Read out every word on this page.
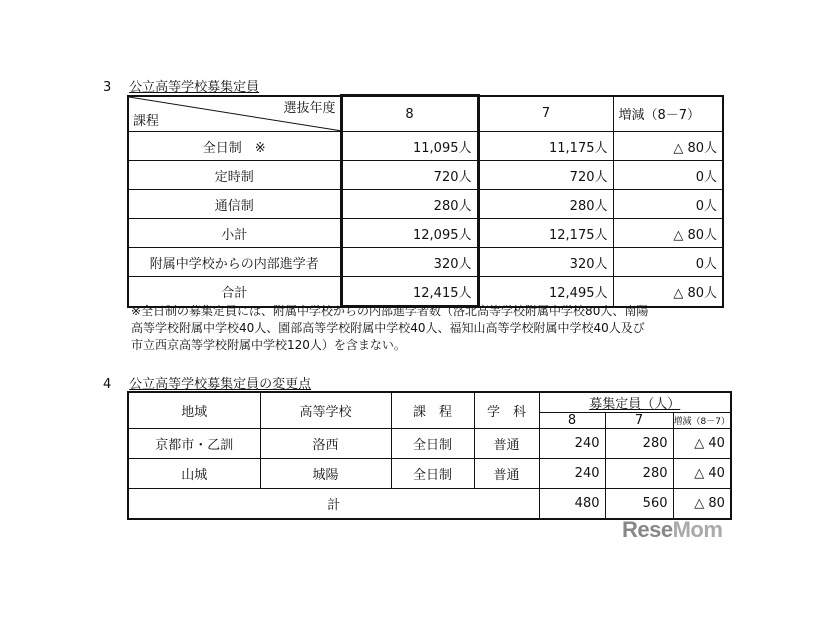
3 公立高等学校募集定員
選抜年度
課程	8	7	増減（8－7）
全日制　※	11,095人	11,175人	△ 80人
定時制	720人	720人	0人
通信制	280人	280人	0人
小計	12,095人	12,175人	△ 80人
附属中学校からの内部進学者	320人	320人	0人
合計	12,415人	12,495人	△ 80人
※全日制の募集定員には、附属中学校からの内部進学者数（洛北高等学校附属中学校80人、南陽
高等学校附属中学校40人、園部高等学校附属中学校40人、福知山高等学校附属中学校40人及び
市立西京高等学校附属中学校120人）を含まない。
4 公立高等学校募集定員の変更点
地域	高等学校	課　程	学　科	募集定員（人）		
				8	7	増減（8－7）
京都市・乙訓	洛西	全日制	普通	240	280	△ 40
山城	城陽	全日制	普通	240	280	△ 40
計				480	560	△ 80
ReseMom
